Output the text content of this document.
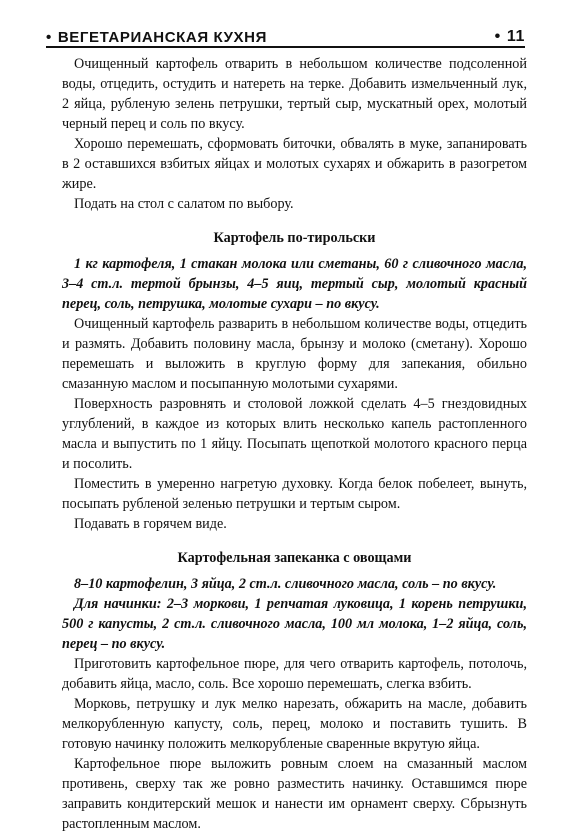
• ВЕГЕТАРИАНСКАЯ КУХНЯ	• 11

Очищенный картофель отварить в небольшом количестве подсоленной воды, отцедить, остудить и натереть на терке. Добавить измельченный лук, 2 яйца, рубленую зелень петрушки, тертый сыр, мускатный орех, молотый черный перец и соль по вкусу.

Хорошо перемешать, сформовать биточки, обвалять в муке, запанировать в 2 оставшихся взбитых яйцах и молотых сухарях и обжарить в разогретом жире.

Подать на стол с салатом по выбору.

Картофель по-тирольски

1 кг картофеля, 1 стакан молока или сметаны, 60 г сливочного масла, 3–4 ст.л. тертой брынзы, 4–5 яиц, тертый сыр, молотый красный перец, соль, петрушка, молотые сухари – по вкусу.

Очищенный картофель разварить в небольшом количестве воды, отцедить и размять. Добавить половину масла, брынзу и молоко (сметану). Хорошо перемешать и выложить в круглую форму для запекания, обильно смазанную маслом и посыпанную молотыми сухарями.

Поверхность разровнять и столовой ложкой сделать 4–5 гнездовидных углублений, в каждое из которых влить несколько капель растопленного масла и выпустить по 1 яйцу. Посыпать щепоткой молотого красного перца и посолить.

Поместить в умеренно нагретую духовку. Когда белок побелеет, вынуть, посыпать рубленой зеленью петрушки и тертым сыром.

Подавать в горячем виде.

Картофельная запеканка с овощами

8–10 картофелин, 3 яйца, 2 ст.л. сливочного масла, соль – по вкусу.

Для начинки: 2–3 моркови, 1 репчатая луковица, 1 корень петрушки, 500 г капусты, 2 ст.л. сливочного масла, 100 мл молока, 1–2 яйца, соль, перец – по вкусу.

Приготовить картофельное пюре, для чего отварить картофель, потолочь, добавить яйца, масло, соль. Все хорошо перемешать, слегка взбить.

Морковь, петрушку и лук мелко нарезать, обжарить на масле, добавить мелкорубленную капусту, соль, перец, молоко и поставить тушить. В готовую начинку положить мелкорубленые сваренные вкрутую яйца.

Картофельное пюре выложить ровным слоем на смазанный маслом противень, сверху так же ровно разместить начинку. Оставшимся пюре заправить кондитерский мешок и нанести им орнамент сверху. Сбрызнуть растопленным маслом.
